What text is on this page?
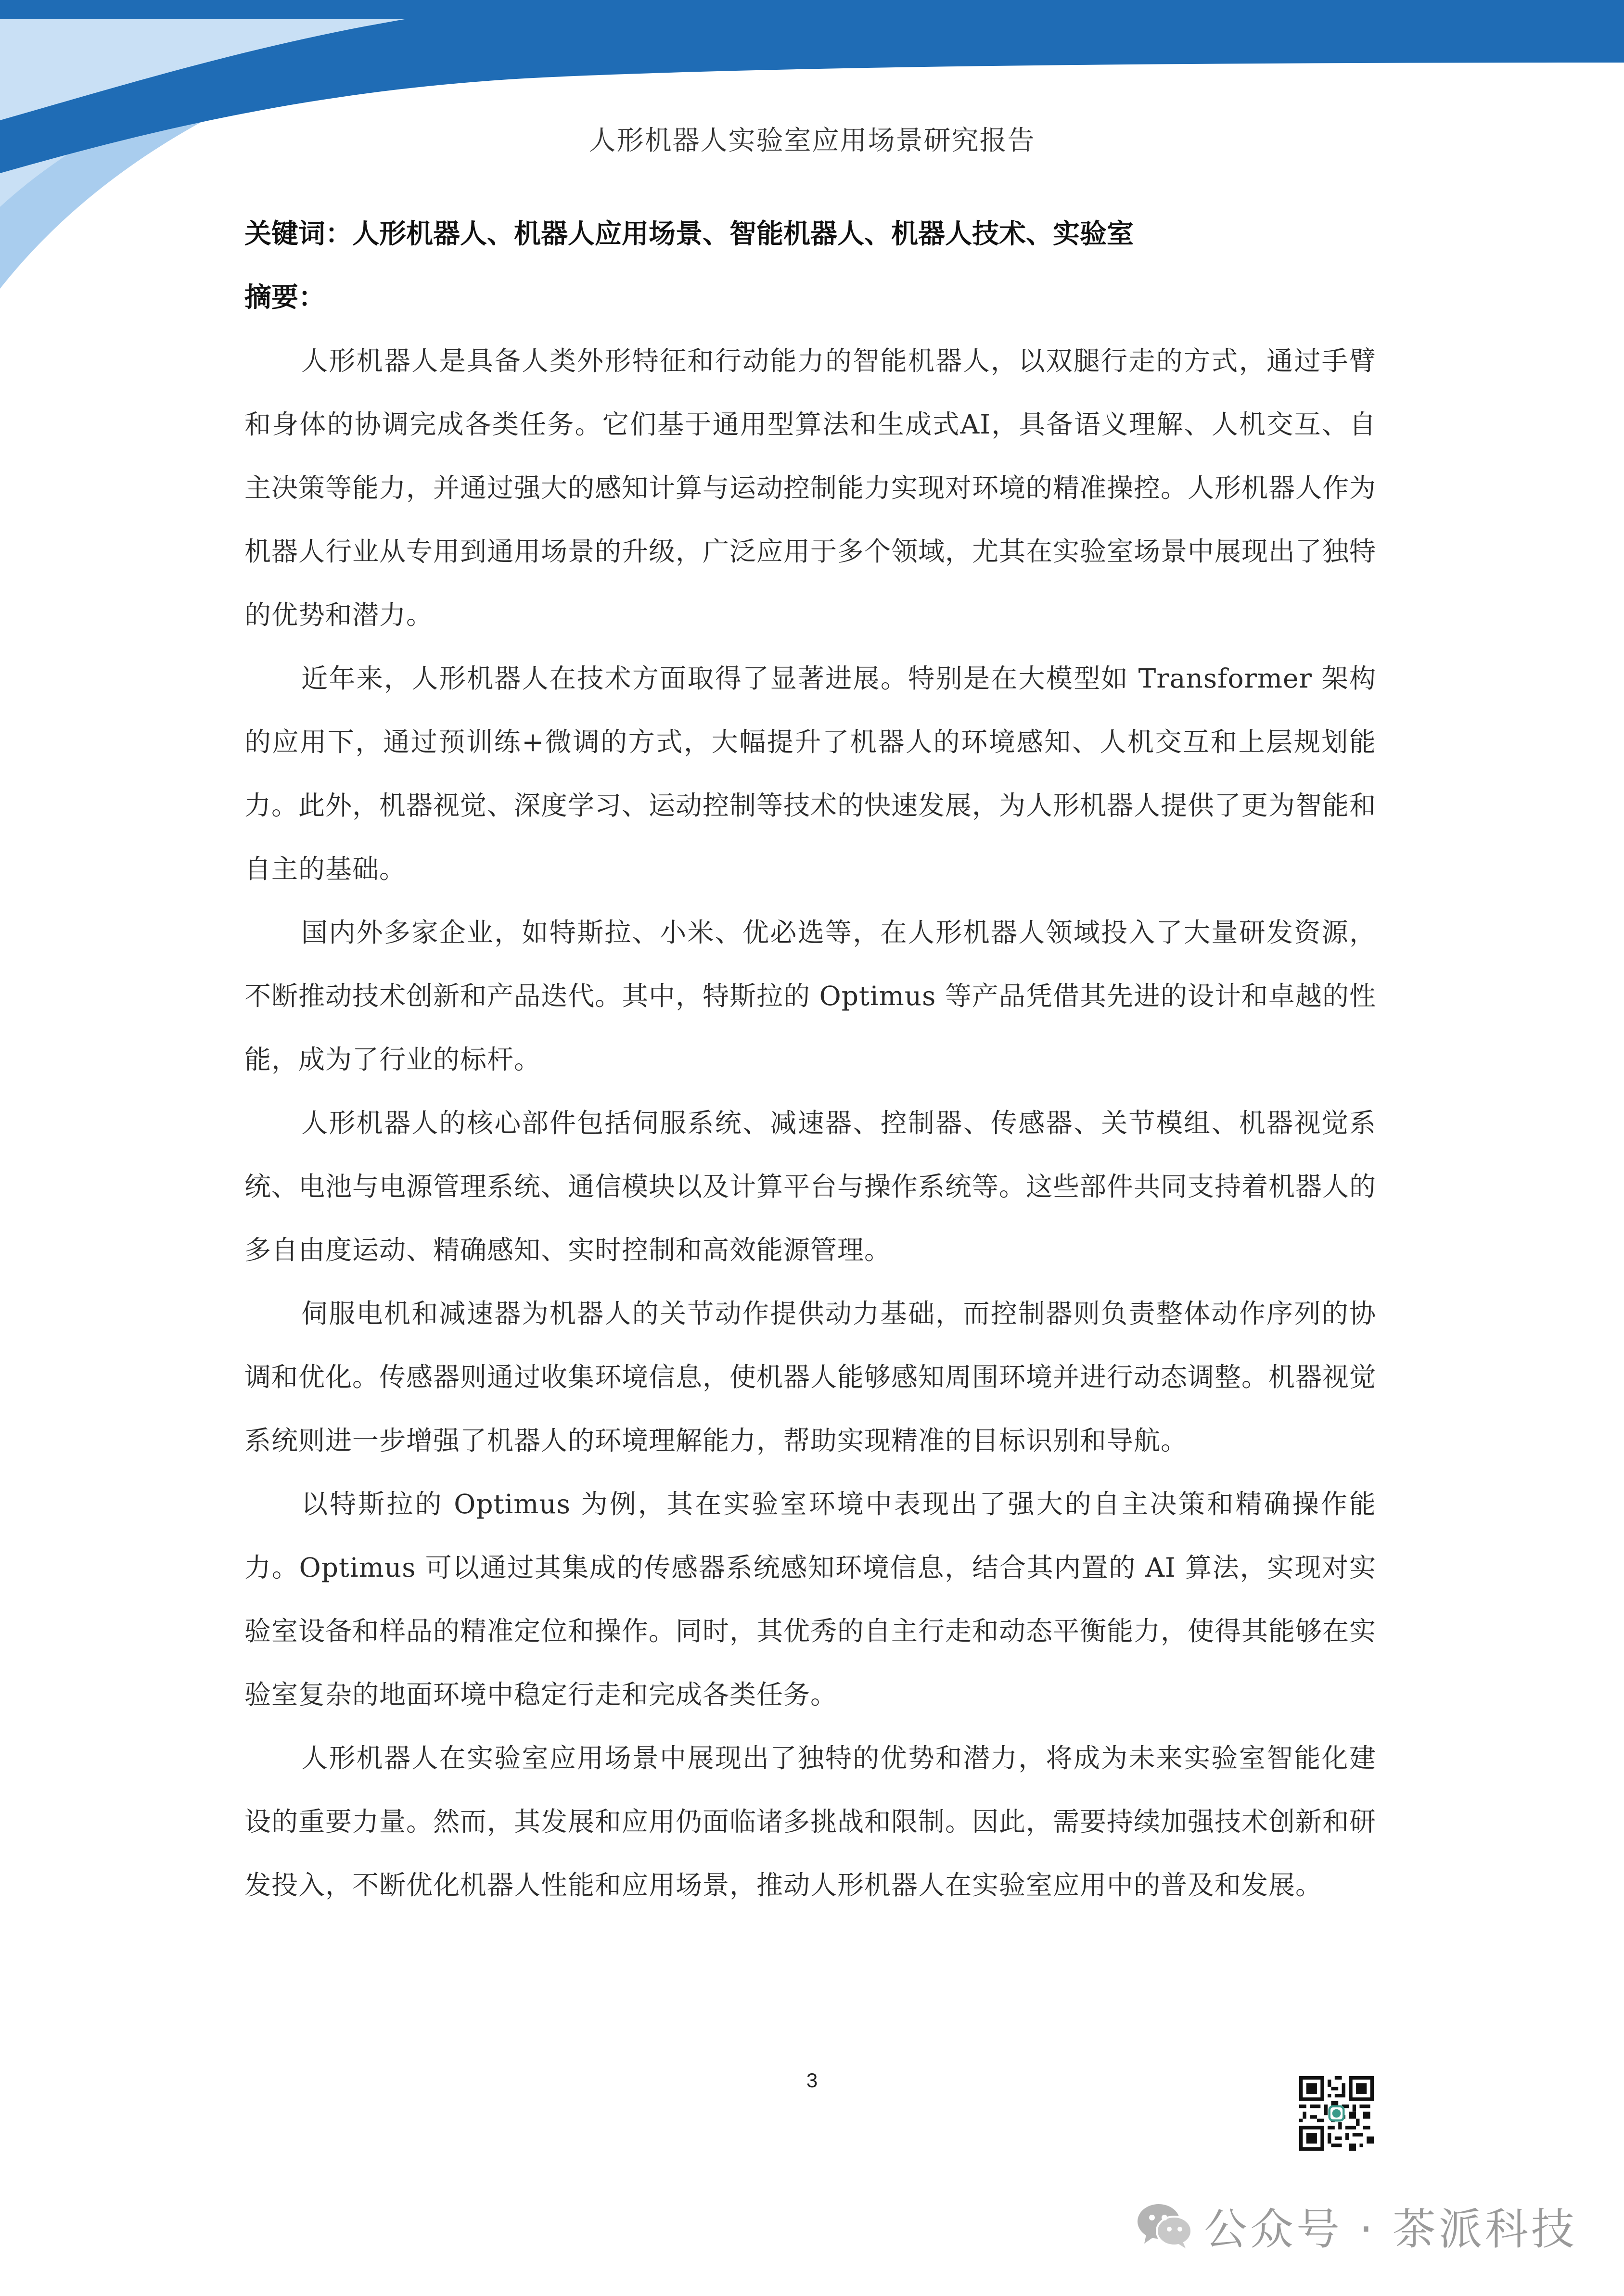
人形机器人实验室应用场景研究报告

关键词：人形机器人、机器人应用场景、智能机器人、机器人技术、实验室

摘要：

人形机器人是具备人类外形特征和行动能力的智能机器人，以双腿行走的方式，通过手臂和身体的协调完成各类任务。它们基于通用型算法和生成式AI，具备语义理解、人机交互、自主决策等能力，并通过强大的感知计算与运动控制能力实现对环境的精准操控。人形机器人作为机器人行业从专用到通用场景的升级，广泛应用于多个领域，尤其在实验室场景中展现出了独特的优势和潜力。

近年来，人形机器人在技术方面取得了显著进展。特别是在大模型如 Transformer 架构的应用下，通过预训练+微调的方式，大幅提升了机器人的环境感知、人机交互和上层规划能力。此外，机器视觉、深度学习、运动控制等技术的快速发展，为人形机器人提供了更为智能和自主的基础。

国内外多家企业，如特斯拉、小米、优必选等，在人形机器人领域投入了大量研发资源，不断推动技术创新和产品迭代。其中，特斯拉的 Optimus 等产品凭借其先进的设计和卓越的性能，成为了行业的标杆。

人形机器人的核心部件包括伺服系统、减速器、控制器、传感器、关节模组、机器视觉系统、电池与电源管理系统、通信模块以及计算平台与操作系统等。这些部件共同支持着机器人的多自由度运动、精确感知、实时控制和高效能源管理。

伺服电机和减速器为机器人的关节动作提供动力基础，而控制器则负责整体动作序列的协调和优化。传感器则通过收集环境信息，使机器人能够感知周围环境并进行动态调整。机器视觉系统则进一步增强了机器人的环境理解能力，帮助实现精准的目标识别和导航。

以特斯拉的 Optimus 为例，其在实验室环境中表现出了强大的自主决策和精确操作能力。Optimus 可以通过其集成的传感器系统感知环境信息，结合其内置的 AI 算法，实现对实验室设备和样品的精准定位和操作。同时，其优秀的自主行走和动态平衡能力，使得其能够在实验室复杂的地面环境中稳定行走和完成各类任务。

人形机器人在实验室应用场景中展现出了独特的优势和潜力，将成为未来实验室智能化建设的重要力量。然而，其发展和应用仍面临诸多挑战和限制。因此，需要持续加强技术创新和研发投入，不断优化机器人性能和应用场景，推动人形机器人在实验室应用中的普及和发展。

3
公众号 · 茶派科技
